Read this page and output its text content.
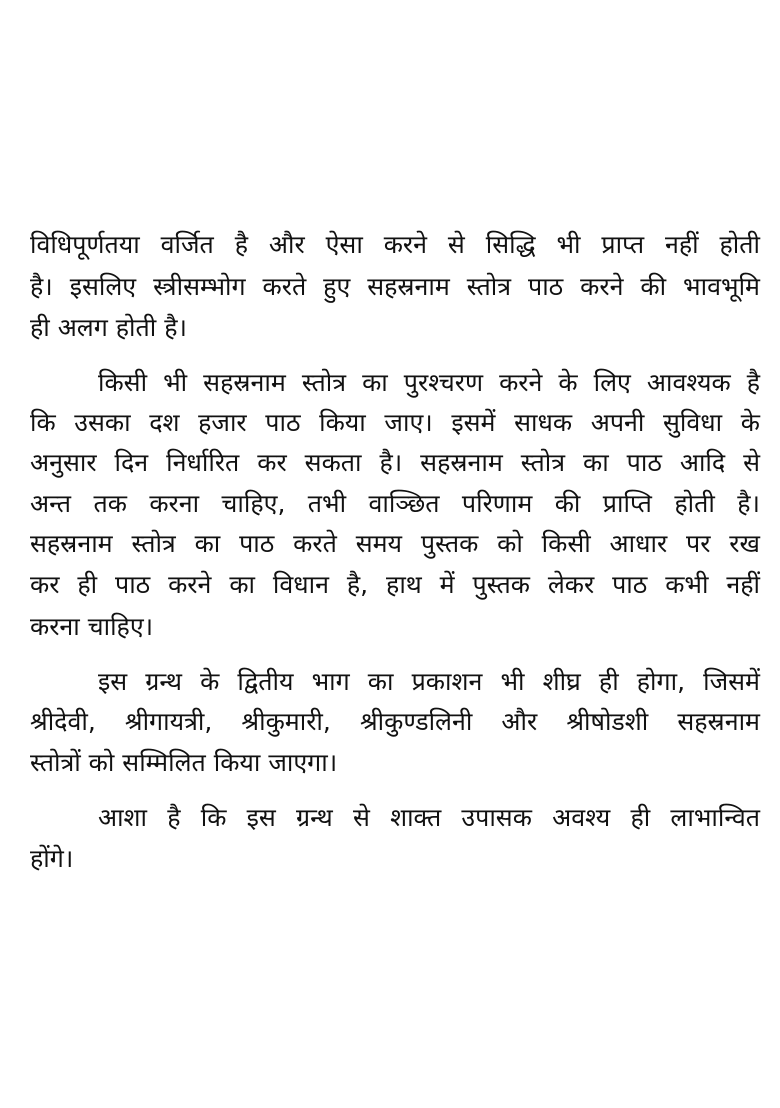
विधिपूर्णतया वर्जित है और ऐसा करने से सिद्धि भी प्राप्त नहीं होती
है। इसलिए स्त्रीसम्भोग करते हुए सहस्रनाम स्तोत्र पाठ करने की भावभूमि
ही अलग होती है।
किसी भी सहस्रनाम स्तोत्र का पुरश्चरण करने के लिए आवश्यक है
कि उसका दश हजार पाठ किया जाए। इसमें साधक अपनी सुविधा के
अनुसार दिन निर्धारित कर सकता है। सहस्रनाम स्तोत्र का पाठ आदि से
अन्त तक करना चाहिए, तभी वाञ्छित परिणाम की प्राप्ति होती है।
सहस्रनाम स्तोत्र का पाठ करते समय पुस्तक को किसी आधार पर रख
कर ही पाठ करने का विधान है, हाथ में पुस्तक लेकर पाठ कभी नहीं
करना चाहिए।
इस ग्रन्थ के द्वितीय भाग का प्रकाशन भी शीघ्र ही होगा, जिसमें
श्रीदेवी, श्रीगायत्री, श्रीकुमारी, श्रीकुण्डलिनी और श्रीषोडशी सहस्रनाम
स्तोत्रों को सम्मिलित किया जाएगा।
आशा है कि इस ग्रन्थ से शाक्त उपासक अवश्य ही लाभान्वित
होंगे।
